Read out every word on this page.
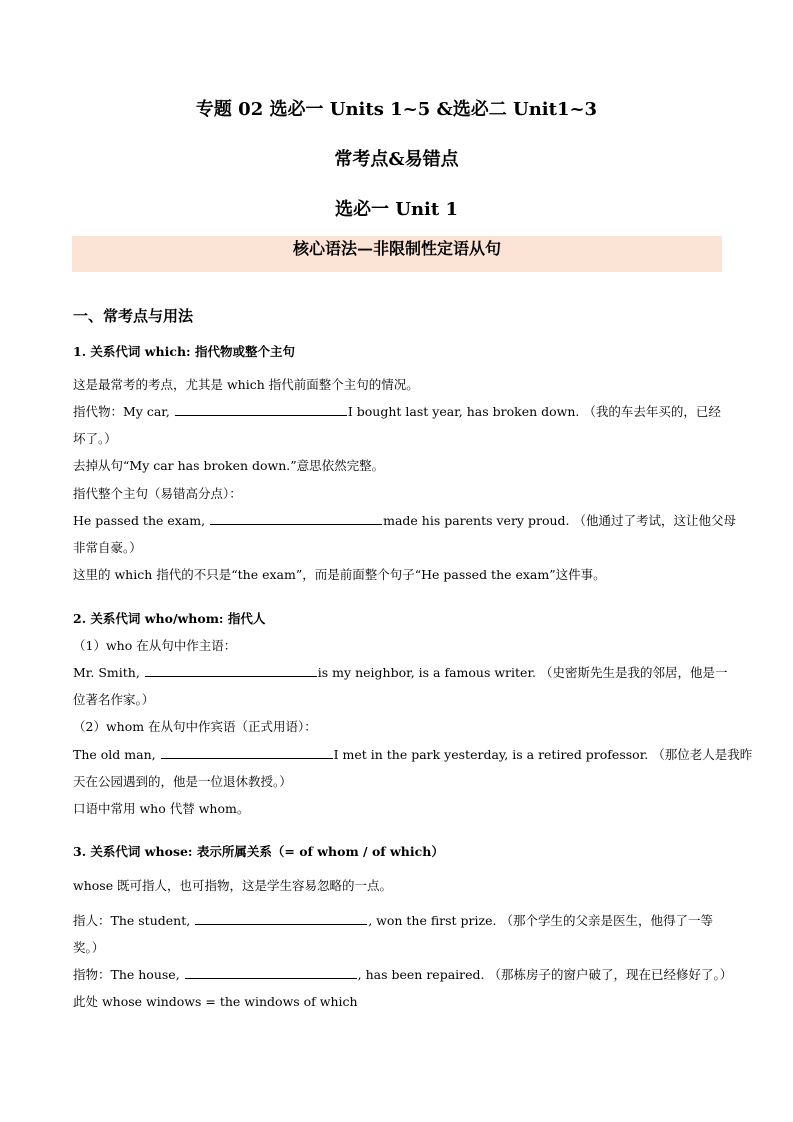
专题 02 选必一 Units 1~5 &选必二 Unit1~3
常考点&易错点
选必一 Unit 1
核心语法—非限制性定语从句
一、常考点与用法
1. 关系代词 which: 指代物或整个主句
这是最常考的考点，尤其是 which 指代前面整个主句的情况。
指代物：My car,	I bought last year, has broken down. （我的车去年买的，已经
坏了。）
去掉从句“My car has broken down.”意思依然完整。
指代整个主句（易错高分点）：
He passed the exam,	made his parents very proud. （他通过了考试，这让他父母
非常自豪。）
这里的 which 指代的不只是“the exam”，而是前面整个句子“He passed the exam”这件事。
2. 关系代词 who/whom: 指代人
（1）who 在从句中作主语：
Mr. Smith,	is my neighbor, is a famous writer. （史密斯先生是我的邻居，他是一
位著名作家。）
（2）whom 在从句中作宾语（正式用语）：
The old man,	I met in the park yesterday, is a retired professor. （那位老人是我昨
天在公园遇到的，他是一位退休教授。）
口语中常用 who 代替 whom。
3. 关系代词 whose: 表示所属关系（= of whom / of which）
whose 既可指人，也可指物，这是学生容易忽略的一点。
指人：The student,	, won the first prize. （那个学生的父亲是医生，他得了一等
奖。）
指物：The house,	, has been repaired. （那栋房子的窗户破了，现在已经修好了。）
此处 whose windows = the windows of which
